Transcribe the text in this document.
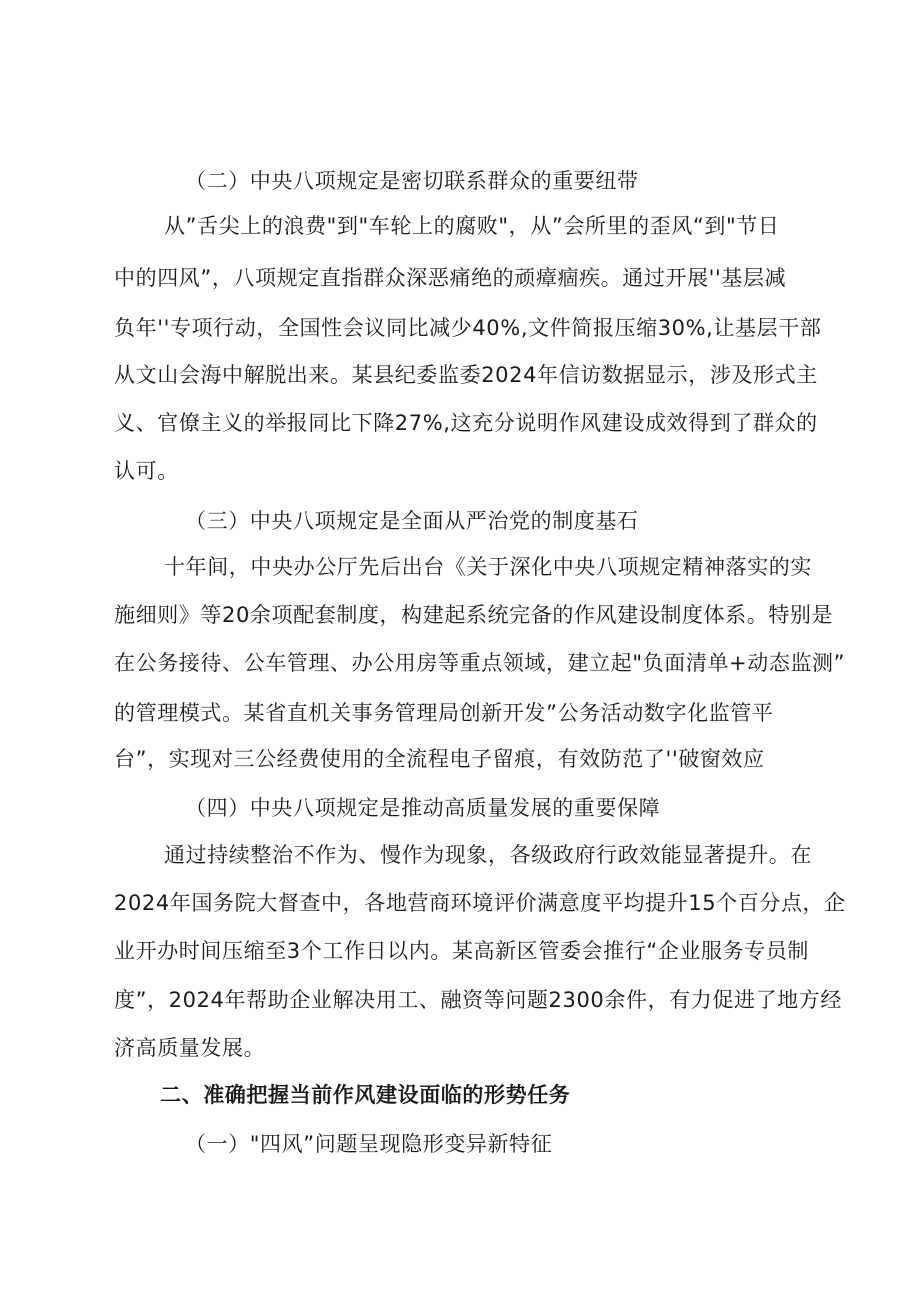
（二）中央八项规定是密切联系群众的重要纽带

从”舌尖上的浪费"到"车轮上的腐败"，从”会所里的歪风“到"节日

中的四风”，八项规定直指群众深恶痛绝的顽瘴痼疾。通过开展''基层减

负年''专项行动，全国性会议同比减少40%,文件简报压缩30%,让基层干部

从文山会海中解脱出来。某县纪委监委2024年信访数据显示，涉及形式主

义、官僚主义的举报同比下降27%,这充分说明作风建设成效得到了群众的

认可。

（三）中央八项规定是全面从严治党的制度基石

十年间，中央办公厅先后出台《关于深化中央八项规定精神落实的实

施细则》等20余项配套制度，构建起系统完备的作风建设制度体系。特别是

在公务接待、公车管理、办公用房等重点领域，建立起"负面清单+动态监测”

的管理模式。某省直机关事务管理局创新开发”公务活动数字化监管平

台”，实现对三公经费使用的全流程电子留痕，有效防范了''破窗效应

（四）中央八项规定是推动高质量发展的重要保障

通过持续整治不作为、慢作为现象，各级政府行政效能显著提升。在

2024年国务院大督查中，各地营商环境评价满意度平均提升15个百分点，企

业开办时间压缩至3个工作日以内。某高新区管委会推行“企业服务专员制

度”，2024年帮助企业解决用工、融资等问题2300余件，有力促进了地方经

济高质量发展。

二、准确把握当前作风建设面临的形势任务

（一）"四风”问题呈现隐形变异新特征
